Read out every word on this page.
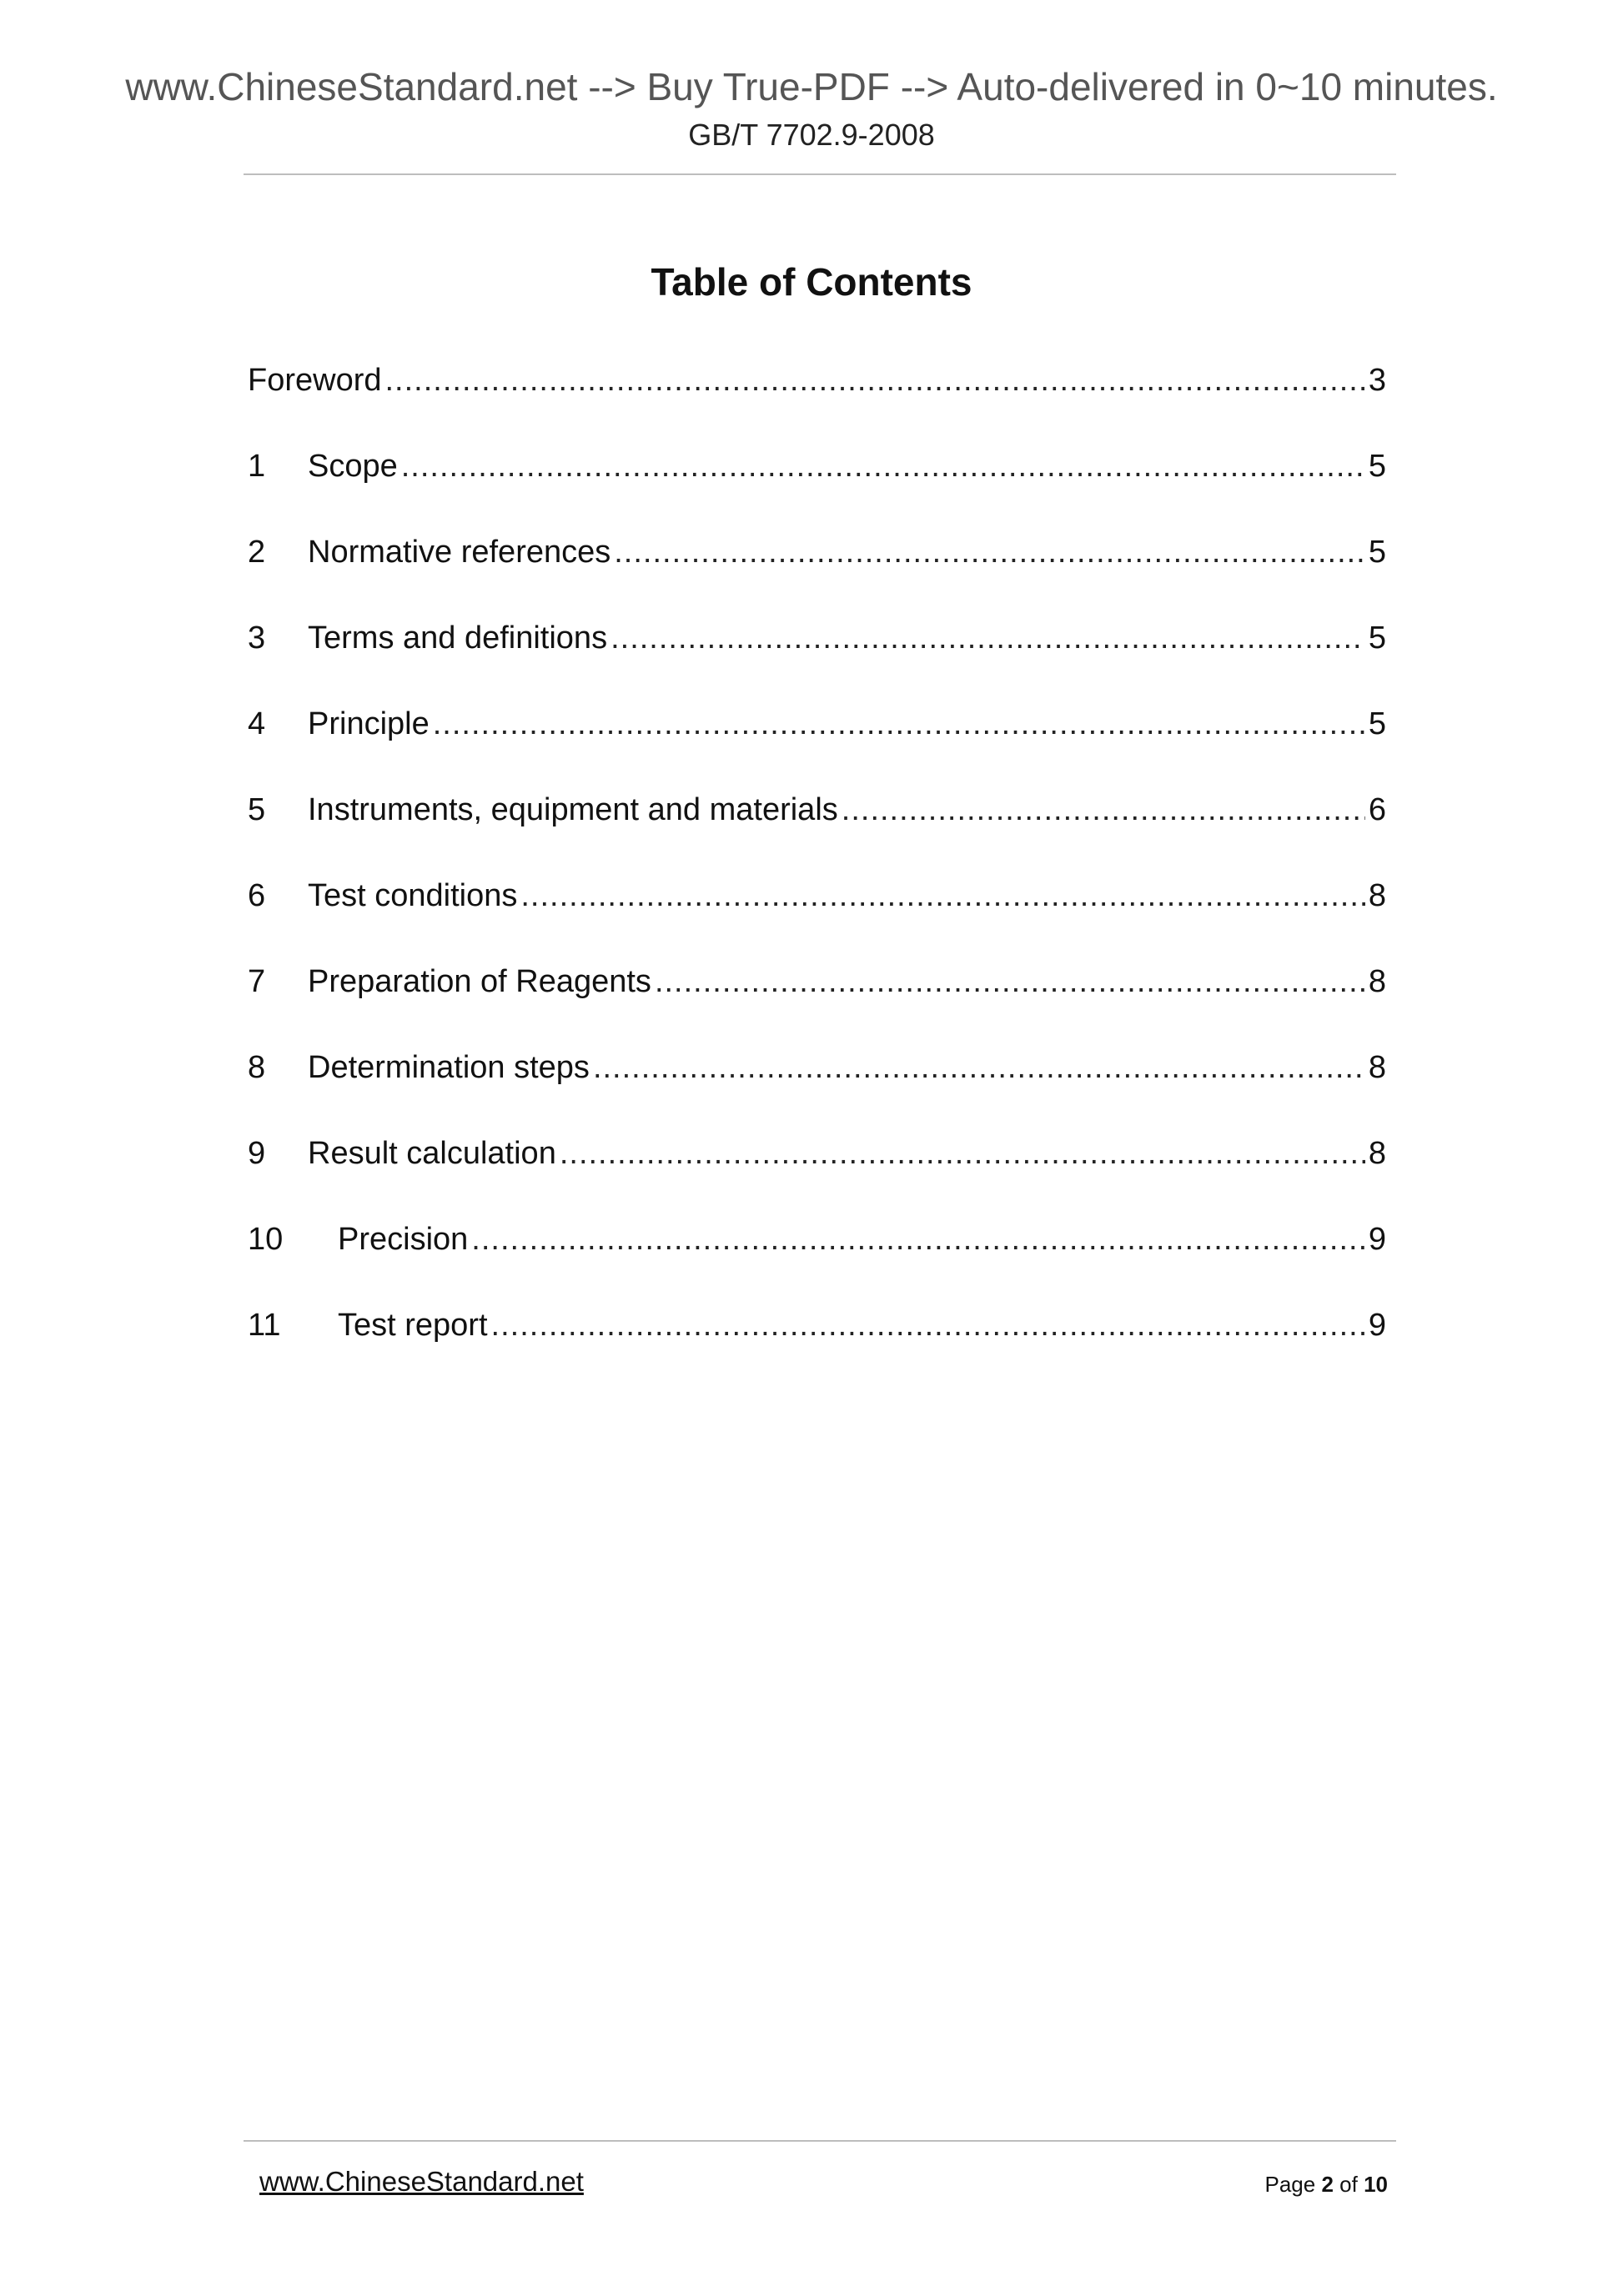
www.ChineseStandard.net --> Buy True-PDF --> Auto-delivered in 0~10 minutes.
GB/T 7702.9-2008
Table of Contents
Foreword .....	3
1	Scope .....	5
2	Normative references .....	5
3	Terms and definitions .....	5
4	Principle .....	5
5	Instruments, equipment and materials .....	6
6	Test conditions .....	8
7	Preparation of Reagents .....	8
8	Determination steps .....	8
9	Result calculation .....	8
10	Precision .....	9
11	Test report .....	9
www.ChineseStandard.net	Page 2 of 10
